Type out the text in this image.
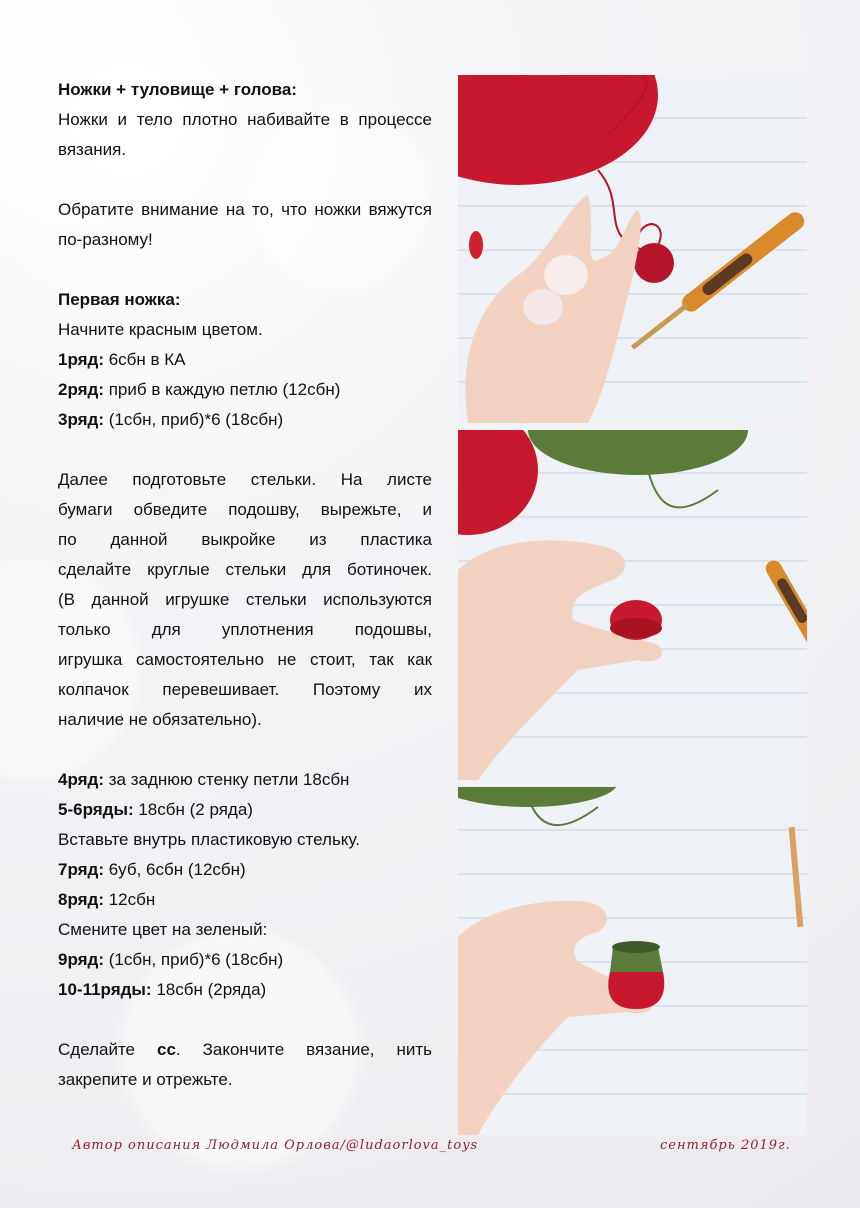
Ножки + туловище + голова:

Ножки и тело плотно набивайте в процессе вязания.

Обратите внимание на то, что ножки вяжутся по-разному!

Первая ножка:

Начните красным цветом.

1ряд: 6сбн в КА

2ряд: приб в каждую петлю (12сбн)

3ряд: (1сбн, приб)*6 (18сбн)

Далее подготовьте стельки. На листе

бумаги обведите подошву, вырежьте, и

по данной выкройке из пластика

сделайте круглые стельки для ботиночек.

(В данной игрушке стельки используются

только для уплотнения подошвы,

игрушка самостоятельно не стоит, так как

колпачок перевешивает. Поэтому их

наличие не обязательно).

4ряд: за заднюю стенку петли 18сбн

5-6ряды: 18сбн (2 ряда)

Вставьте внутрь пластиковую стельку.

7ряд: 6уб, 6сбн (12сбн)

8ряд: 12сбн

Смените цвет на зеленый:

9ряд: (1сбн, приб)*6 (18сбн)

10-11ряды: 18сбн (2ряда)

Сделайте сс. Закончите вязание, нить закрепите и отрежьте.

Автор описания Людмила Орлова/@ludaorlova_toys	сентябрь 2019г.
